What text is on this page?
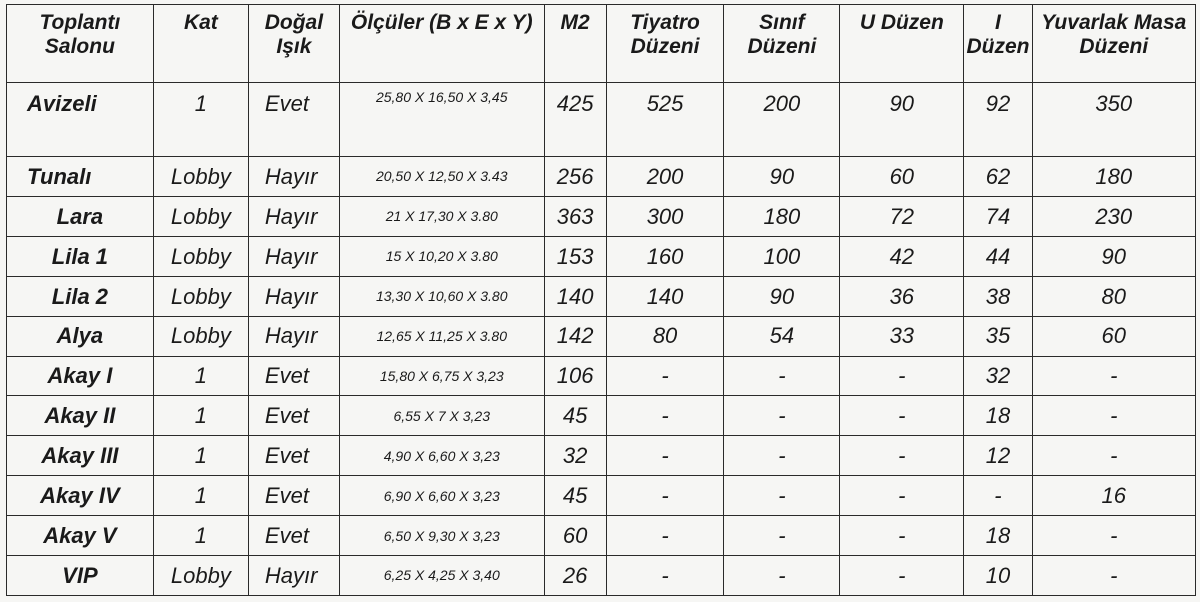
Toplantı Salonu	Kat	Doğal Işık	Ölçüler (B x E x Y)	M2	Tiyatro Düzeni	Sınıf Düzeni	U Düzen	I Düzen	Yuvarlak Masa Düzeni
Avizeli	1	Evet	25,80 X 16,50 X 3,45	425	525	200	90	92	350
Tunalı	Lobby	Hayır	20,50 X 12,50 X 3.43	256	200	90	60	62	180
Lara	Lobby	Hayır	21 X 17,30 X 3.80	363	300	180	72	74	230
Lila 1	Lobby	Hayır	15 X 10,20 X 3.80	153	160	100	42	44	90
Lila 2	Lobby	Hayır	13,30 X 10,60 X 3.80	140	140	90	36	38	80
Alya	Lobby	Hayır	12,65 X 11,25 X 3.80	142	80	54	33	35	60
Akay I	1	Evet	15,80 X 6,75 X 3,23	106	-	-	-	32	-
Akay II	1	Evet	6,55 X 7 X 3,23	45	-	-	-	18	-
Akay III	1	Evet	4,90 X 6,60 X 3,23	32	-	-	-	12	-
Akay IV	1	Evet	6,90 X 6,60 X 3,23	45	-	-	-	-	16
Akay V	1	Evet	6,50 X 9,30 X 3,23	60	-	-	-	18	-
VIP	Lobby	Hayır	6,25 X 4,25 X 3,40	26	-	-	-	10	-
